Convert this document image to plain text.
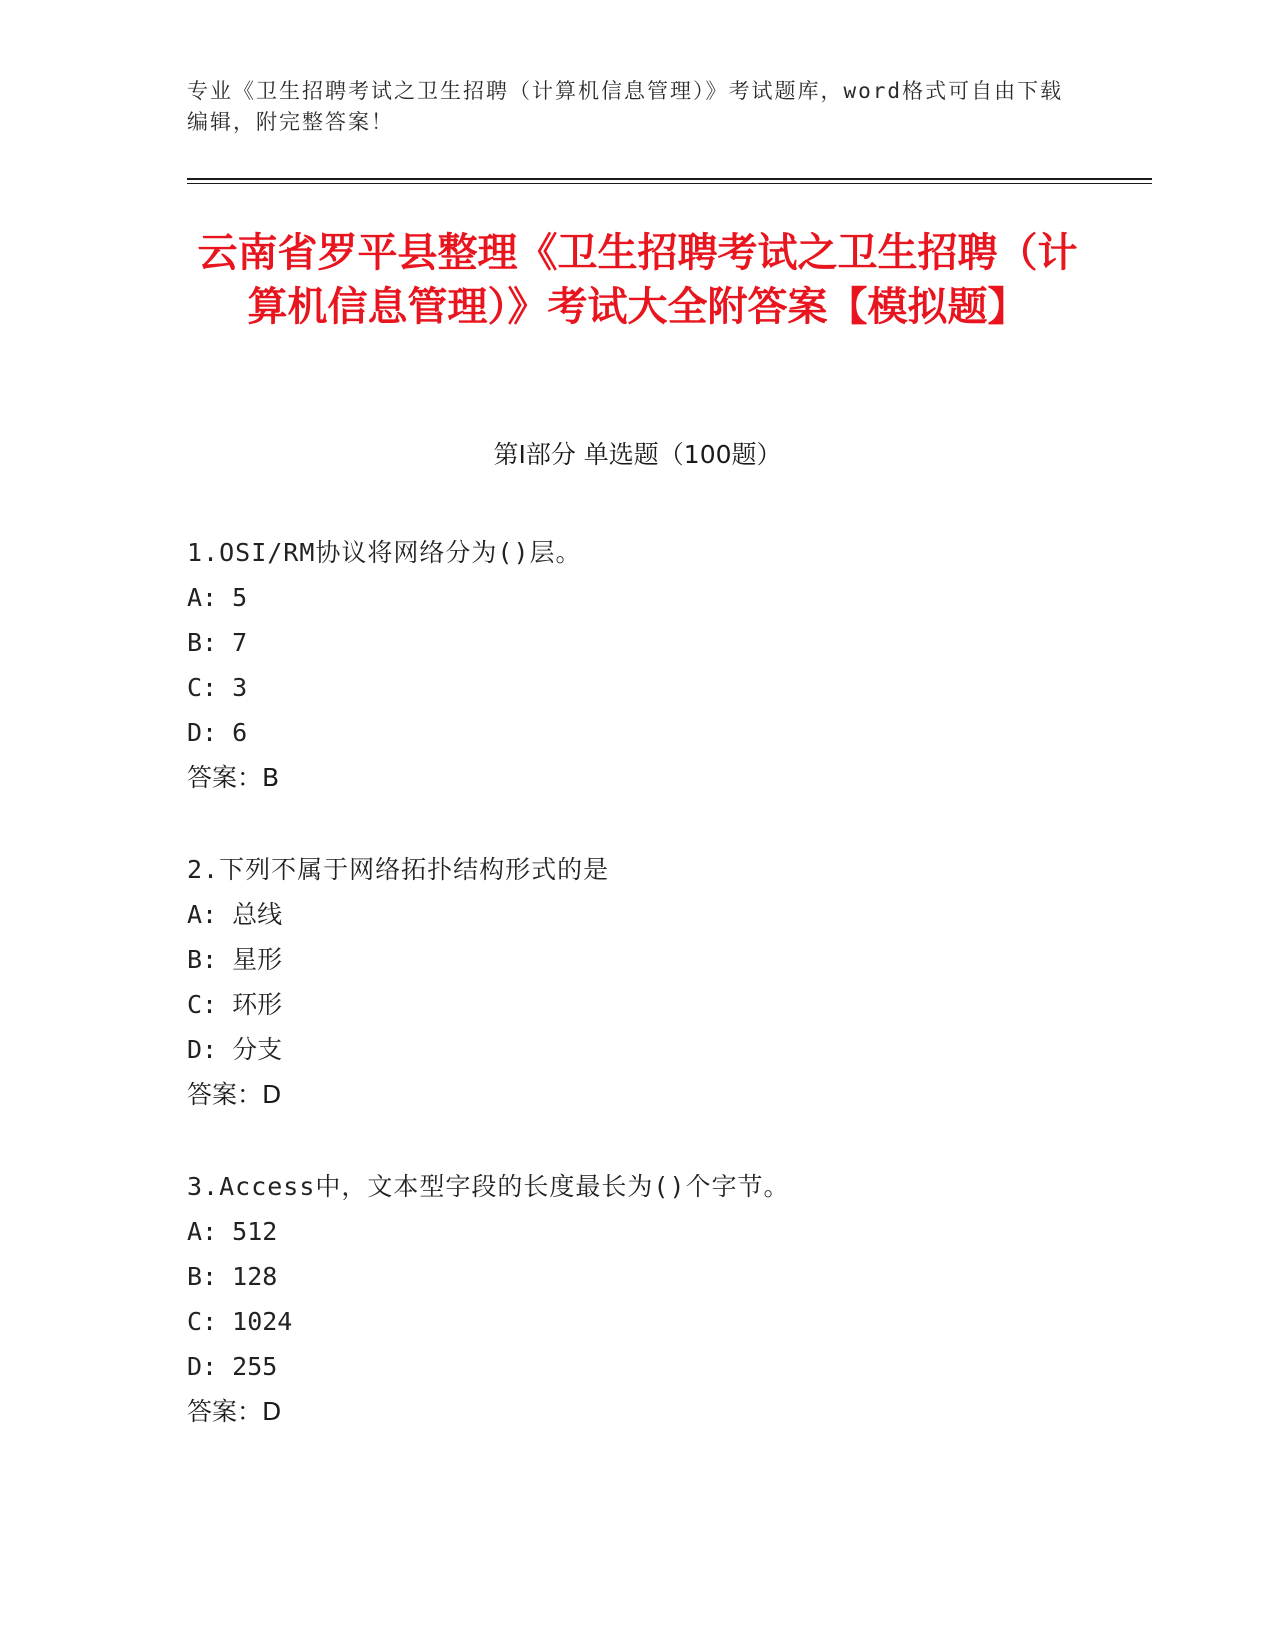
专业《卫生招聘考试之卫生招聘（计算机信息管理）》考试题库，word格式可自由下载编辑，附完整答案！
云南省罗平县整理《卫生招聘考试之卫生招聘（计算机信息管理）》考试大全附答案【模拟题】
第I部分 单选题（100题）
1.OSI/RM协议将网络分为()层。
A: 5
B: 7
C: 3
D: 6
答案：B
2.下列不属于网络拓扑结构形式的是
A: 总线
B: 星形
C: 环形
D: 分支
答案：D
3.Access中，文本型字段的长度最长为()个字节。
A: 512
B: 128
C: 1024
D: 255
答案：D
